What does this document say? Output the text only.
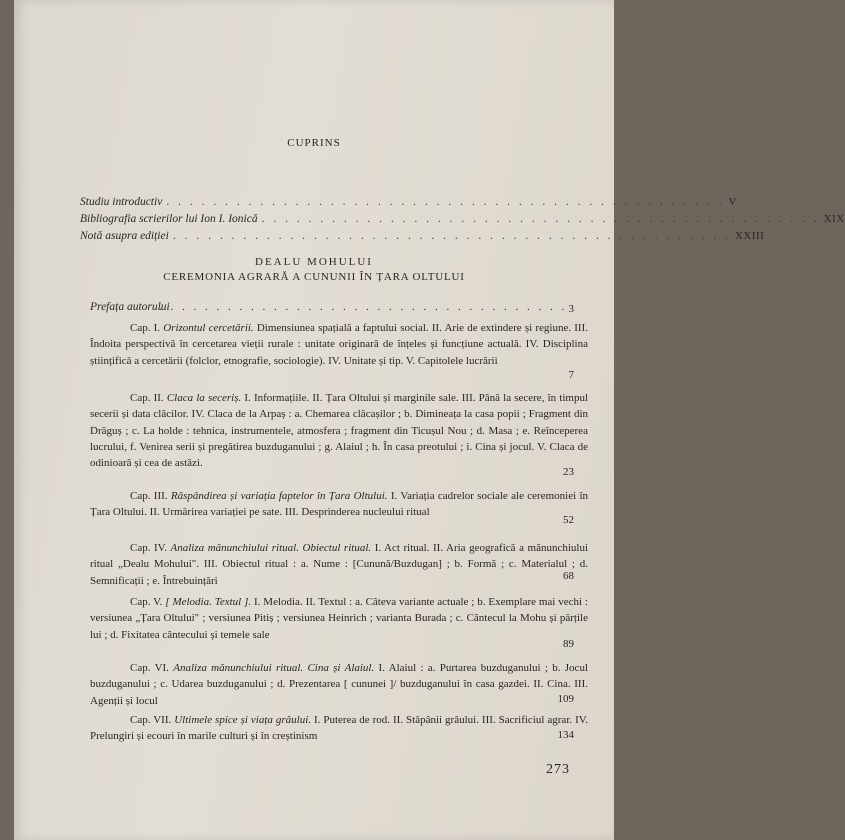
CUPRINS
Studiu introductiv . . . . . . . . . . . . . . . . . . . . . . . . . . . . . . . . . . . . . . . . . . . . . . . . V
Bibliografia scrierilor lui Ion I. Ionică . . . . . . . . . . . . . . . . . . . . . . . . . . . . . . . . . . . . . . . . . . . . . . . . XIX
Notă asupra ediției . . . . . . . . . . . . . . . . . . . . . . . . . . . . . . . . . . . . . . . . . . . . . . . . XXIII
DEALU MOHULUI
CEREMONIA AGRARĂ A CUNUNII ÎN ȚARA OLTULUI
Prefața autorului
. . . . . . . . . . . . . . . . . . . . . . . . . . . . . . . . . . . . 3
Cap. I. Orizontul cercetării. Dimensiunea spațială a faptului social. II. Arie de extindere și regiune. III. Îndoita perspectivă în cercetarea vieții rurale : unitate originară de înțeles și funcțiune actuală. IV. Disciplina științifică a cercetării (folclor, etnografie, sociologie). IV. Unitate și tip. V. Capitolele lucrării
7
Cap. II. Claca la seceriș. I. Informațiile. II. Țara Oltului și marginile sale. III. Până la secere, în timpul secerii și data clăcilor. IV. Claca de la Arpaș : a. Chemarea clăcașilor ; b. Dimineața la casa popii ; Fragment din Drăguș ; c. La holde : tehnica, instrumentele, atmosfera ; fragment din Ticușul Nou ; d. Masa ; e. Reînceperea lucrului, f. Venirea serii și pregătirea buzduganului ; g. Alaiul ; h. În casa preotului ; i. Cina și jocul. V. Claca de odinioară și cea de astăzi.
23
Cap. III. Răspândirea și variația faptelor în Țara Oltului. I. Variația cadrelor sociale ale ceremoniei în Țara Oltului. II. Urmărirea variației pe sate. III. Desprinderea nucleului ritual
52
Cap. IV. Analiza mănunchiului ritual. Obiectul ritual. I. Act ritual. II. Aria geografică a mănunchiului ritual „Dealu Mohului". III. Obiectul ritual : a. Nume : [Cunună/Buzdugan] ; b. Formă ; c. Materialul ; d. Semnificații ; e. Întrebuințări	68
Cap. V. [ Melodia. Textul ]. I. Melodia. II. Textul : a. Câteva variante actuale ; b. Exemplare mai vechi : versiunea „Țara Oltului" ; versiunea Pitiș ; versiunea Heinrich ; varianta Burada ; c. Cântecul la Mohu și părțile lui ; d. Fixitatea cântecului și temele sale
89
Cap. VI. Analiza mănunchiului ritual. Cina și Alaiul. I. Alaiul : a. Purtarea buzduganului ; b. Jocul buzduganului ; c. Udarea buzduganului ; d. Prezentarea [ cununei ]/ buzduganului în casa gazdei. II. Cina. III. Agenții și locul	109
Cap. VII. Ultimele spice și viața grâului. I. Puterea de rod. II. Stăpânii grâului. III. Sacrificiul agrar. IV. Prelungiri și ecouri în marile culturi și în creștinism	134
273
